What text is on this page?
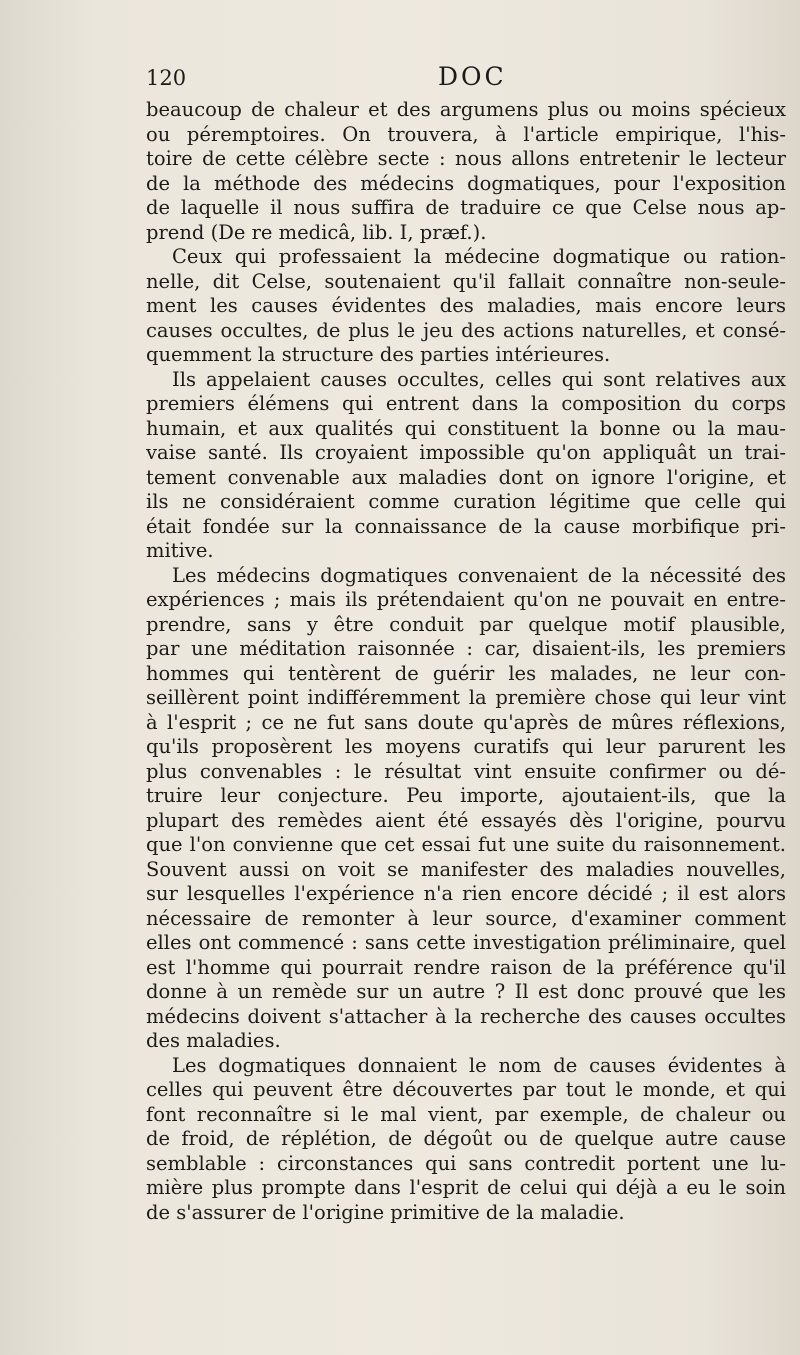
120	DOC
beaucoup de chaleur et des argumens plus ou moins spécieux
ou péremptoires. On trouvera, à l'article empirique, l'his-
toire de cette célèbre secte : nous allons entretenir le lecteur
de la méthode des médecins dogmatiques, pour l'exposition
de laquelle il nous suffira de traduire ce que Celse nous ap-
prend (De re medicâ, lib. I, præf.).
Ceux qui professaient la médecine dogmatique ou ration-
nelle, dit Celse, soutenaient qu'il fallait connaître non-seule-
ment les causes évidentes des maladies, mais encore leurs
causes occultes, de plus le jeu des actions naturelles, et consé-
quemment la structure des parties intérieures.
Ils appelaient causes occultes, celles qui sont relatives aux
premiers élémens qui entrent dans la composition du corps
humain, et aux qualités qui constituent la bonne ou la mau-
vaise santé. Ils croyaient impossible qu'on appliquât un trai-
tement convenable aux maladies dont on ignore l'origine, et
ils ne considéraient comme curation légitime que celle qui
était fondée sur la connaissance de la cause morbifique pri-
mitive.
Les médecins dogmatiques convenaient de la nécessité des
expériences ; mais ils prétendaient qu'on ne pouvait en entre-
prendre, sans y être conduit par quelque motif plausible,
par une méditation raisonnée : car, disaient-ils, les premiers
hommes qui tentèrent de guérir les malades, ne leur con-
seillèrent point indifféremment la première chose qui leur vint
à l'esprit ; ce ne fut sans doute qu'après de mûres réflexions,
qu'ils proposèrent les moyens curatifs qui leur parurent les
plus convenables : le résultat vint ensuite confirmer ou dé-
truire leur conjecture. Peu importe, ajoutaient-ils, que la
plupart des remèdes aient été essayés dès l'origine, pourvu
que l'on convienne que cet essai fut une suite du raisonnement.
Souvent aussi on voit se manifester des maladies nouvelles,
sur lesquelles l'expérience n'a rien encore décidé ; il est alors
nécessaire de remonter à leur source, d'examiner comment
elles ont commencé : sans cette investigation préliminaire, quel
est l'homme qui pourrait rendre raison de la préférence qu'il
donne à un remède sur un autre ? Il est donc prouvé que les
médecins doivent s'attacher à la recherche des causes occultes
des maladies.
Les dogmatiques donnaient le nom de causes évidentes à
celles qui peuvent être découvertes par tout le monde, et qui
font reconnaître si le mal vient, par exemple, de chaleur ou
de froid, de réplétion, de dégoût ou de quelque autre cause
semblable : circonstances qui sans contredit portent une lu-
mière plus prompte dans l'esprit de celui qui déjà a eu le soin
de s'assurer de l'origine primitive de la maladie.
